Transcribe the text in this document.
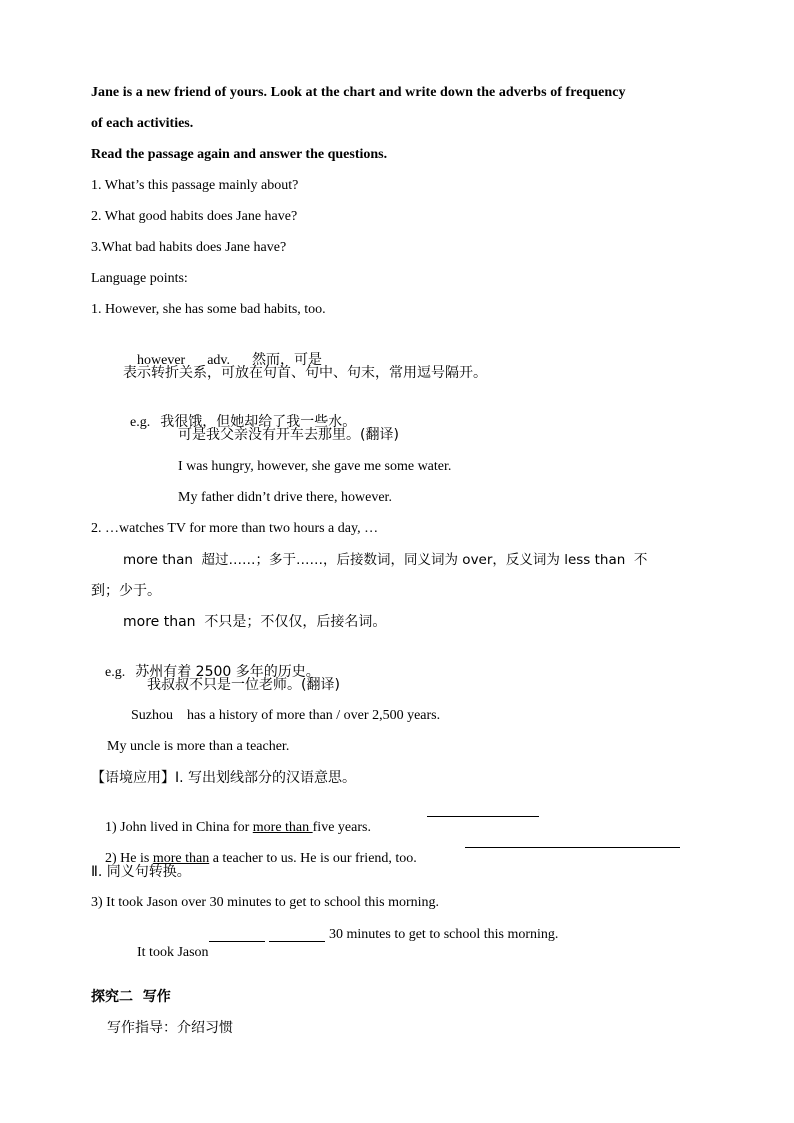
Jane is a new friend of yours. Look at the chart and write down the adverbs of frequency
of each activities.
Read the passage again and answer the questions.
1. What’s this passage mainly about?
2. What good habits does Jane have?
3.What bad habits does Jane have?
Language points:
1. However, she has some bad habits, too.

however adv. 然而，可是

表示转折关系，可放在句首、句中、句末，常用逗号隔开。

e.g. 我很饿，但她却给了我一些水。

可是我父亲没有开车去那里。(翻译)
I was hungry, however, she gave me some water.
My father didn’t drive there, however.
2. …watches TV for more than two hours a day, …
more than  超过……；多于……，后接数词，同义词为 over，反义词为 less than  不
到；少于。
more than  不只是；不仅仅，后接名词。

e.g. 苏州有着 2500 多年的历史。

我叔叔不只是一位老师。(翻译)
Suzhou    has a history of more than / over 2,500 years.
My uncle is more than a teacher.
【语境应用】Ⅰ. 写出划线部分的汉语意思。

1) John lived in China for more than five years.

2) He is more than a teacher to us. He is our friend, too.

Ⅱ. 同义句转换。
3) It took Jason over 30 minutes to get to school this morning.

It took Jason

30 minutes to get to school this morning.
探究二  写作
写作指导：介绍习惯
